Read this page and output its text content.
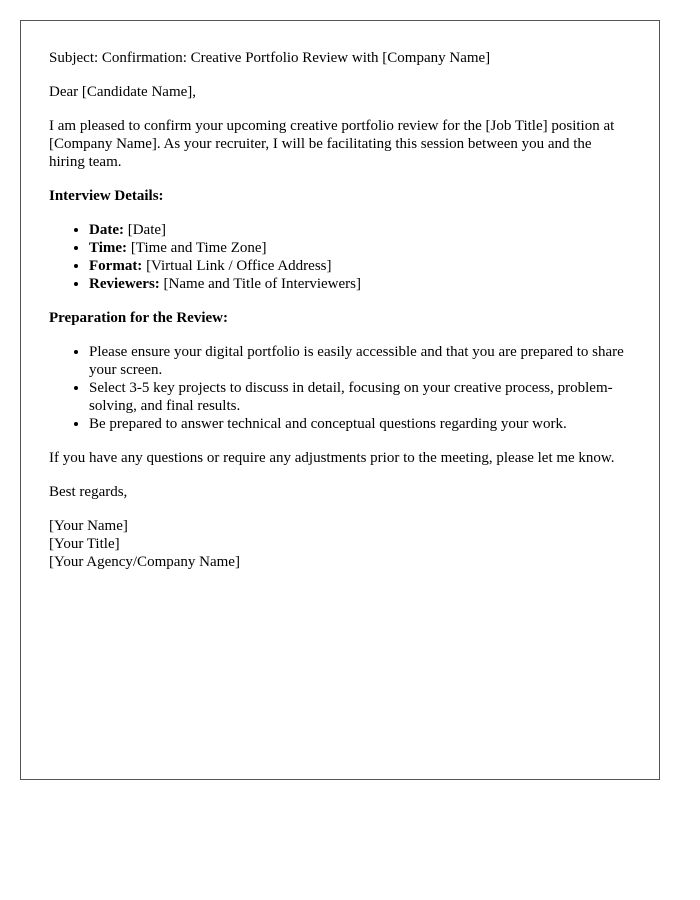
Subject: Confirmation: Creative Portfolio Review with [Company Name]

Dear [Candidate Name],

I am pleased to confirm your upcoming creative portfolio review for the [Job Title] position at [Company Name]. As your recruiter, I will be facilitating this session between you and the hiring team.

Interview Details:

• Date: [Date]
• Time: [Time and Time Zone]
• Format: [Virtual Link / Office Address]
• Reviewers: [Name and Title of Interviewers]

Preparation for the Review:

• Please ensure your digital portfolio is easily accessible and that you are prepared to share your screen.
• Select 3-5 key projects to discuss in detail, focusing on your creative process, problem-solving, and final results.
• Be prepared to answer technical and conceptual questions regarding your work.

If you have any questions or require any adjustments prior to the meeting, please let me know.

Best regards,

[Your Name]
[Your Title]
[Your Agency/Company Name]
